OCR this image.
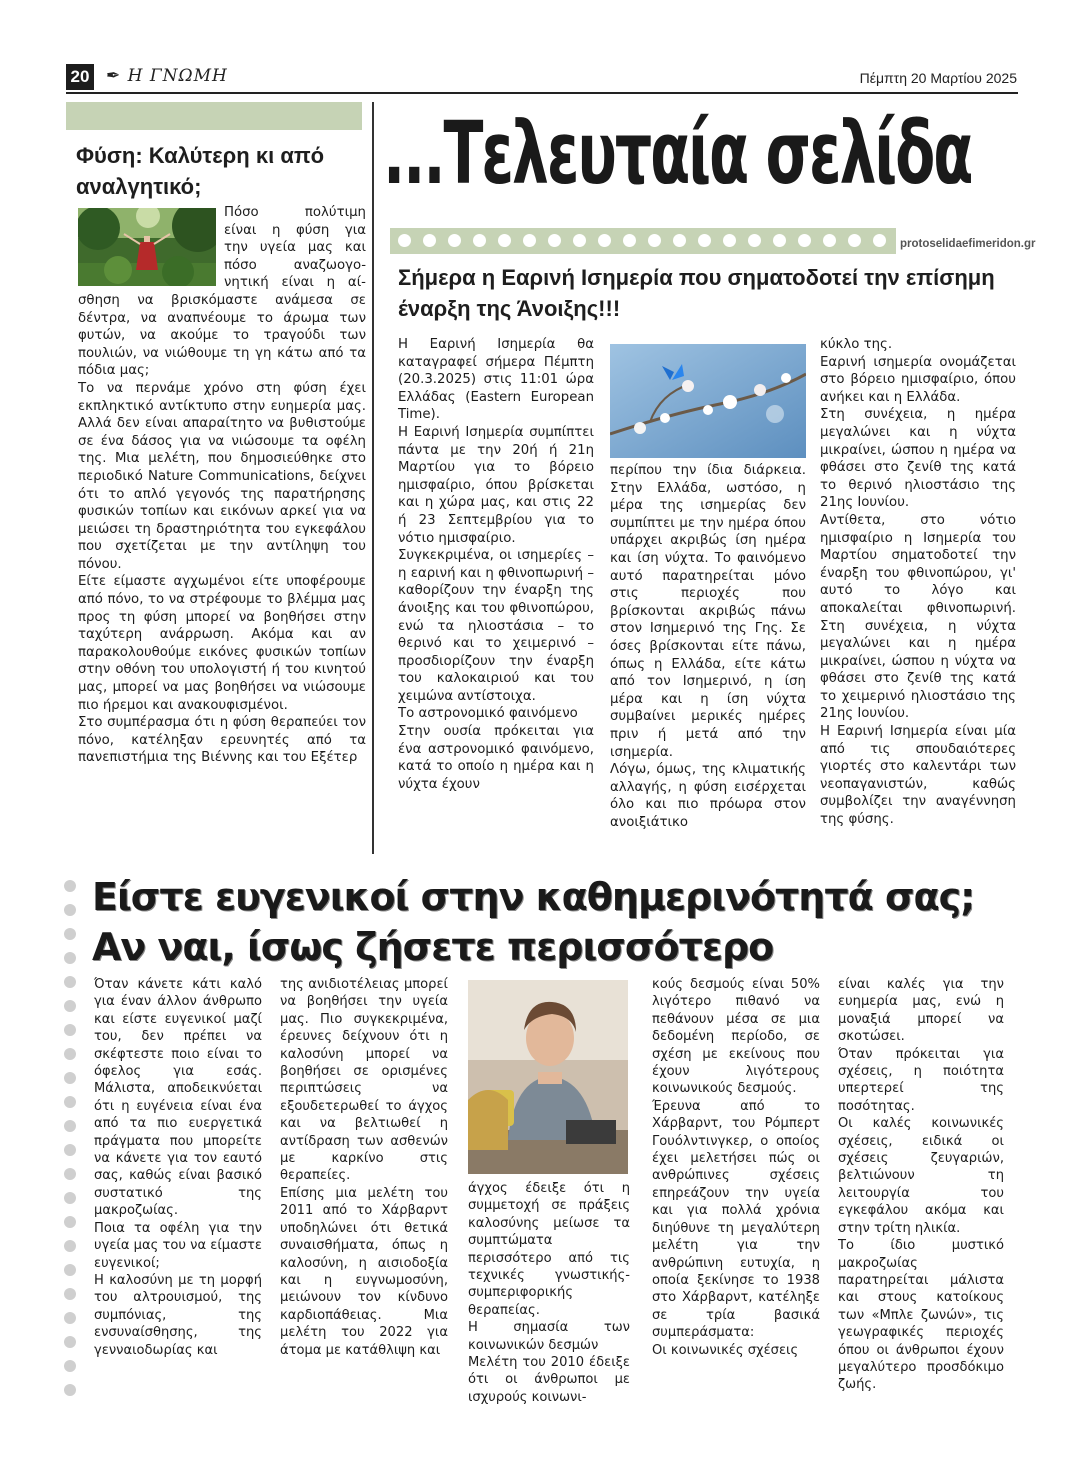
20 ✒ Η ΓΝΩΜΗ	Πέμπτη 20 Μαρτίου 2025
Φύση: Καλύτερη κι από αναλγητικό;

Πόσο πολύτιμη

είναι η φύση για

την υγεία μας και

πόσο αναζωογο-

νητική είναι η αί-

σθηση να βρισκόμαστε ανάμεσα σε δέντρα, να αναπνέουμε το άρωμα των φυτών, να ακούμε το τραγούδι των πουλιών, να νιώθουμε τη γη κάτω από τα πόδια μας;

Το να περνάμε χρόνο στη φύση έχει εκπληκτικό αντίκτυπο στην ευημερία μας. Αλλά δεν είναι απαραίτητο να βυθιστούμε σε ένα δάσος για να νιώσουμε τα οφέλη της. Μια μελέτη, που δημοσιεύθηκε στο περιοδικό Nature Communications, δείχνει ότι το απλό γεγονός της παρατήρησης φυσικών τοπίων και εικόνων αρκεί για να μειώσει τη δραστηριότητα του εγκεφάλου που σχετίζεται με την αντίληψη του πόνου.

Είτε είμαστε αγχωμένοι είτε υποφέρουμε από πόνο, το να στρέφουμε το βλέμμα μας προς τη φύση μπορεί να βοηθήσει στην ταχύτερη ανάρρωση. Ακόμα και αν παρακολουθούμε εικόνες φυσικών τοπίων στην οθόνη του υπολογιστή ή του κινητού μας, μπορεί να μας βοηθήσει να νιώσουμε πιο ήρεμοι και ανακουφισμένοι.

Στο συμπέρασμα ότι η φύση θεραπεύει τον πόνο, κατέληξαν ερευνητές από τα πανεπιστήμια της Βιέννης και του Εξέτερ

...Τελευταία σελίδα
protoselidaefimeridon.gr
Σήμερα η Εαρινή Ισημερία που σηματοδοτεί την επίσημη έναρξη της Άνοιξης!!!

Η Εαρινή Ισημερία θα καταγραφεί σήμερα Πέμπτη (20.3.2025) στις 11:01 ώρα Ελλάδας (Eastern European Time).

Η Εαρινή Ισημερία συμπίπτει πάντα με την 20ή ή 21η Μαρτίου για το βόρειο ημισφαίριο, όπου βρίσκεται και η χώρα μας, και στις 22 ή 23 Σεπτεμβρίου για το νότιο ημισφαίριο.

Συγκεκριμένα, οι ισημερίες – η εαρινή και η φθινοπωρινή – καθορίζουν την έναρξη της άνοιξης και του φθινοπώρου, ενώ τα ηλιοστάσια – το θερινό και το χειμερινό – προσδιορίζουν την έναρξη του καλοκαιριού και του χειμώνα αντίστοιχα.

Το αστρονομικό φαινόμενο

Στην ουσία πρόκειται για ένα αστρονομικό φαινόμενο, κατά το οποίο η ημέρα και η νύχτα έχουν

περίπου την ίδια διάρκεια. Στην Ελλάδα, ωστόσο, η μέρα της ισημερίας δεν συμπίπτει με την ημέρα όπου υπάρχει ακριβώς ίση ημέρα και ίση νύχτα. Το φαινόμενο αυτό παρατηρείται μόνο στις περιοχές που βρίσκονται ακριβώς πάνω στον Ισημερινό της Γης. Σε όσες βρίσκονται είτε πάνω, όπως η Ελλάδα, είτε κάτω από τον Ισημερινό, η ίση μέρα και η ίση νύχτα συμβαίνει μερικές ημέρες πριν ή μετά από την ισημερία.

Λόγω, όμως, της κλιματικής αλλαγής, η φύση εισέρχεται όλο και πιο πρόωρα στον ανοιξιάτικο

κύκλο της.

Εαρινή ισημερία ονομάζεται στο βόρειο ημισφαίριο, όπου ανήκει και η Ελλάδα.

Στη συνέχεια, η ημέρα μεγαλώνει και η νύχτα μικραίνει, ώσπου η ημέρα να φθάσει στο ζενίθ της κατά το θερινό ηλιοστάσιο της 21ης Ιουνίου.

Αντίθετα, στο νότιο ημισφαίριο η Ισημερία του Μαρτίου σηματοδοτεί την έναρξη του φθινοπώρου, γι' αυτό το λόγο και αποκαλείται φθινοπωρινή. Στη συνέχεια, η νύχτα μεγαλώνει και η ημέρα μικραίνει, ώσπου η νύχτα να φθάσει στο ζενίθ της κατά το χειμερινό ηλιοστάσιο της 21ης Ιουνίου.

Η Εαρινή Ισημερία είναι μία από τις σπουδαιότερες γιορτές στο καλεντάρι των νεοπαγανιστών, καθώς συμβολίζει την αναγέννηση της φύσης.

Είστε ευγενικοί στην καθημερινότητά σας;
Αν ναι, ίσως ζήσετε περισσότερο

Όταν κάνετε κάτι καλό για έναν άλλον άνθρωπο και είστε ευγενικοί μαζί του, δεν πρέπει να σκέφτεστε ποιο είναι το όφελος για εσάς. Μάλιστα, αποδεικνύεται ότι η ευγένεια είναι ένα από τα πιο ευεργετικά πράγματα που μπορείτε να κάνετε για τον εαυτό σας, καθώς είναι βασικό συστατικό της μακροζωίας.

Ποια τα οφέλη για την υγεία μας του να είμαστε ευγενικοί;

Η καλοσύνη με τη μορφή του αλτρουισμού, της συμπόνιας, της ενσυναίσθησης, της γενναιοδωρίας και

της ανιδιοτέλειας μπορεί να βοηθήσει την υγεία μας. Πιο συγκεκριμένα, έρευνες δείχνουν ότι η καλοσύνη μπορεί να βοηθήσει σε ορισμένες περιπτώσεις να εξουδετερωθεί το άγχος και να βελτιωθεί η αντίδραση των ασθενών με καρκίνο στις θεραπείες.

Επίσης μια μελέτη του 2011 από το Χάρβαρντ υποδηλώνει ότι θετικά συναισθήματα, όπως η καλοσύνη, η αισιοδοξία και η ευγνωμοσύνη, μειώνουν τον κίνδυνο καρδιοπάθειας. Μια μελέτη του 2022 για άτομα με κατάθλιψη και

άγχος έδειξε ότι η συμμετοχή σε πράξεις καλοσύνης μείωσε τα συμπτώματα περισσότερο από τις τεχνικές γνωστικής-συμπεριφορικής θεραπείας.

Η σημασία των κοινωνικών δεσμών

Μελέτη του 2010 έδειξε ότι οι άνθρωποι με ισχυρούς κοινωνι-

κούς δεσμούς είναι 50% λιγότερο πιθανό να πεθάνουν μέσα σε μια δεδομένη περίοδο, σε σχέση με εκείνους που έχουν λιγότερους κοινωνικούς δεσμούς.

Έρευνα από το Χάρβαρντ, του Ρόμπερτ Γουόλντινγκερ, ο οποίος έχει μελετήσει πώς οι ανθρώπινες σχέσεις επηρεάζουν την υγεία και για πολλά χρόνια διηύθυνε τη μεγαλύτερη μελέτη για την ανθρώπινη ευτυχία, η οποία ξεκίνησε το 1938 στο Χάρβαρντ, κατέληξε σε τρία βασικά συμπεράσματα:

Οι κοινωνικές σχέσεις

είναι καλές για την ευημερία μας, ενώ η μοναξιά μπορεί να σκοτώσει.

Όταν πρόκειται για σχέσεις, η ποιότητα υπερτερεί της ποσότητας.

Οι καλές κοινωνικές σχέσεις, ειδικά οι σχέσεις ζευγαριών, βελτιώνουν τη λειτουργία του εγκεφάλου ακόμα και στην τρίτη ηλικία.

Το ίδιο μυστικό μακροζωίας παρατηρείται μάλιστα και στους κατοίκους των «Μπλε ζωνών», τις γεωγραφικές περιοχές όπου οι άνθρωποι έχουν μεγαλύτερο προσδόκιμο ζωής.
